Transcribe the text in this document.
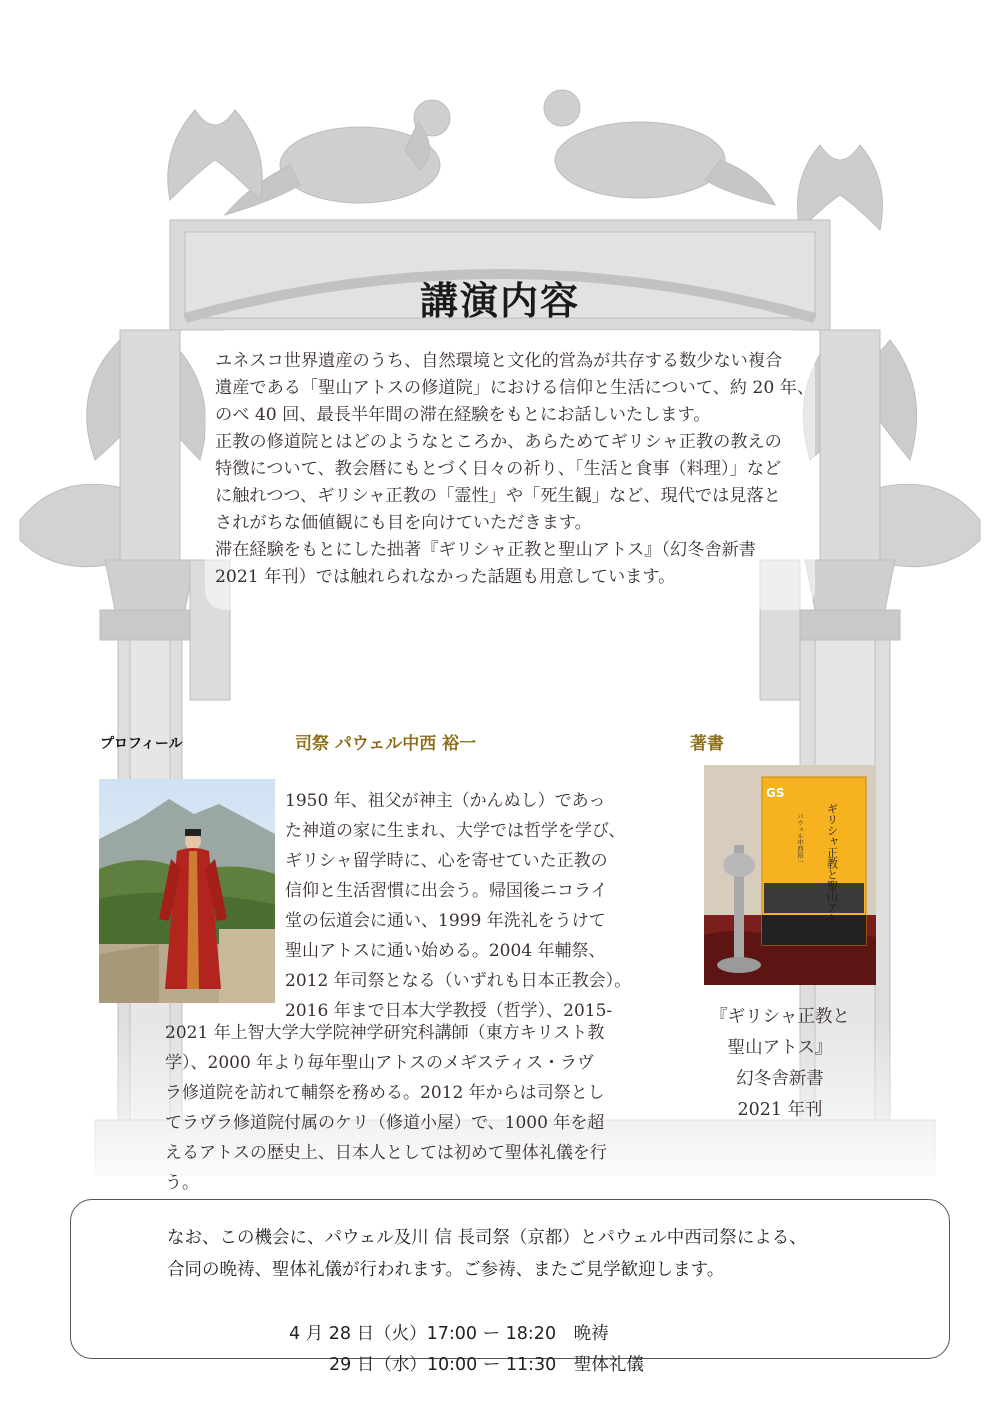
講演内容

ユネスコ世界遺産のうち、自然環境と文化的営為が共存する数少ない複合

遺産である「聖山アトスの修道院」における信仰と生活について、約 20 年、

のべ 40 回、最長半年間の滞在経験をもとにお話しいたします。

正教の修道院とはどのようなところか、あらためてギリシャ正教の教えの

特徴について、教会暦にもとづく日々の祈り、「生活と食事（料理）」など

に触れつつ、ギリシャ正教の「霊性」や「死生観」など、現代では見落と

されがちな価値観にも目を向けていただきます。

滞在経験をもとにした拙著『ギリシャ正教と聖山アトス』（幻冬舎新書

2021 年刊）では触れられなかった話題も用意しています。

プロフィール	司祭 パウェル中西 裕一	著書
GS
ギリシャ正教と聖山アトス
パウェル中西裕一
1950 年、祖父が神主（かんぬし）であっ
た神道の家に生まれ、大学では哲学を学び、
ギリシャ留学時に、心を寄せていた正教の
信仰と生活習慣に出会う。帰国後ニコライ
堂の伝道会に通い、1999 年洗礼をうけて
聖山アトスに通い始める。2004 年輔祭、
2012 年司祭となる（いずれも日本正教会）。
2016 年まで日本大学教授（哲学）、2015-
2021 年上智大学大学院神学研究科講師（東方キリスト教
学）、2000 年より毎年聖山アトスのメギスティス・ラヴ
ラ修道院を訪れて輔祭を務める。2012 年からは司祭とし
てラヴラ修道院付属のケリ（修道小屋）で、1000 年を超
えるアトスの歴史上、日本人としては初めて聖体礼儀を行
う。
『ギリシャ正教と
聖山アトス』
幻冬舎新書
2021 年刊
なお、この機会に、パウェル及川 信 長司祭（京都）とパウェル中西司祭による、
合同の晩祷、聖体礼儀が行われます。ご参祷、またご見学歓迎します。
4 月 28 日（火）17:00 ー 18:20　晩祷
29 日（水）10:00 ー 11:30　聖体礼儀
